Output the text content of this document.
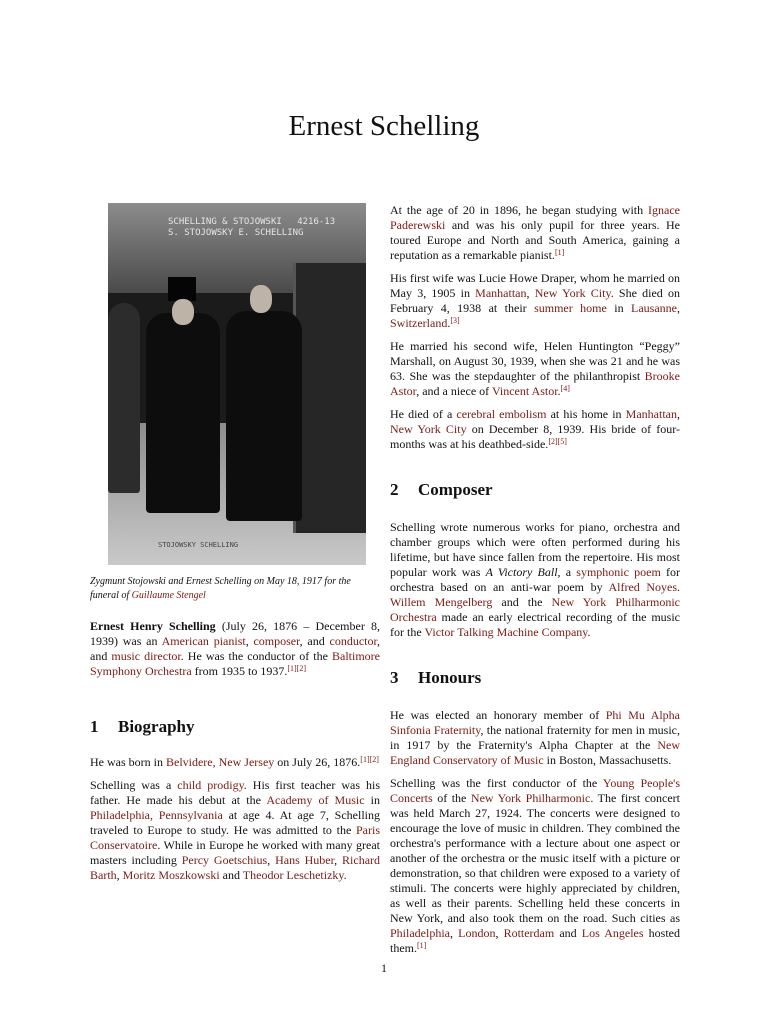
Ernest Schelling
SCHELLING & STOJOWSKI 4216-13
S. STOJOWSKY E. SCHELLING
STOJOWSKY SCHELLING

Zygmunt Stojowski and Ernest Schelling on May 18, 1917 for the funeral of Guillaume Stengel

Ernest Henry Schelling (July 26, 1876 – December 8, 1939) was an American pianist, composer, and conductor, and music director. He was the conductor of the Baltimore Symphony Orchestra from 1935 to 1937.[1][2]

1 Biography

He was born in Belvidere, New Jersey on July 26, 1876.[1][2]

Schelling was a child prodigy. His first teacher was his father. He made his debut at the Academy of Music in Philadelphia, Pennsylvania at age 4. At age 7, Schelling traveled to Europe to study. He was admitted to the Paris Conservatoire. While in Europe he worked with many great masters including Percy Goetschius, Hans Huber, Richard Barth, Moritz Moszkowski and Theodor Leschetizky.

At the age of 20 in 1896, he began studying with Ignace Paderewski and was his only pupil for three years. He toured Europe and North and South America, gaining a reputation as a remarkable pianist.[1]

His first wife was Lucie Howe Draper, whom he married on May 3, 1905 in Manhattan, New York City. She died on February 4, 1938 at their summer home in Lausanne, Switzerland.[3]

He married his second wife, Helen Huntington “Peggy” Marshall, on August 30, 1939, when she was 21 and he was 63. She was the stepdaughter of the philanthropist Brooke Astor, and a niece of Vincent Astor.[4]

He died of a cerebral embolism at his home in Manhattan, New York City on December 8, 1939. His bride of four-months was at his deathbed-side.[2][5]

2 Composer

Schelling wrote numerous works for piano, orchestra and chamber groups which were often performed during his lifetime, but have since fallen from the repertoire. His most popular work was A Victory Ball, a symphonic poem for orchestra based on an anti-war poem by Alfred Noyes. Willem Mengelberg and the New York Philharmonic Orchestra made an early electrical recording of the music for the Victor Talking Machine Company.

3 Honours

He was elected an honorary member of Phi Mu Alpha Sinfonia Fraternity, the national fraternity for men in music, in 1917 by the Fraternity's Alpha Chapter at the New England Conservatory of Music in Boston, Massachusetts.

Schelling was the first conductor of the Young People's Concerts of the New York Philharmonic. The first concert was held March 27, 1924. The concerts were designed to encourage the love of music in children. They combined the orchestra's performance with a lecture about one aspect or another of the orchestra or the music itself with a picture or demonstration, so that children were exposed to a variety of stimuli. The concerts were highly appreciated by children, as well as their parents. Schelling held these concerts in New York, and also took them on the road. Such cities as Philadelphia, London, Rotterdam and Los Angeles hosted them.[1]

1
